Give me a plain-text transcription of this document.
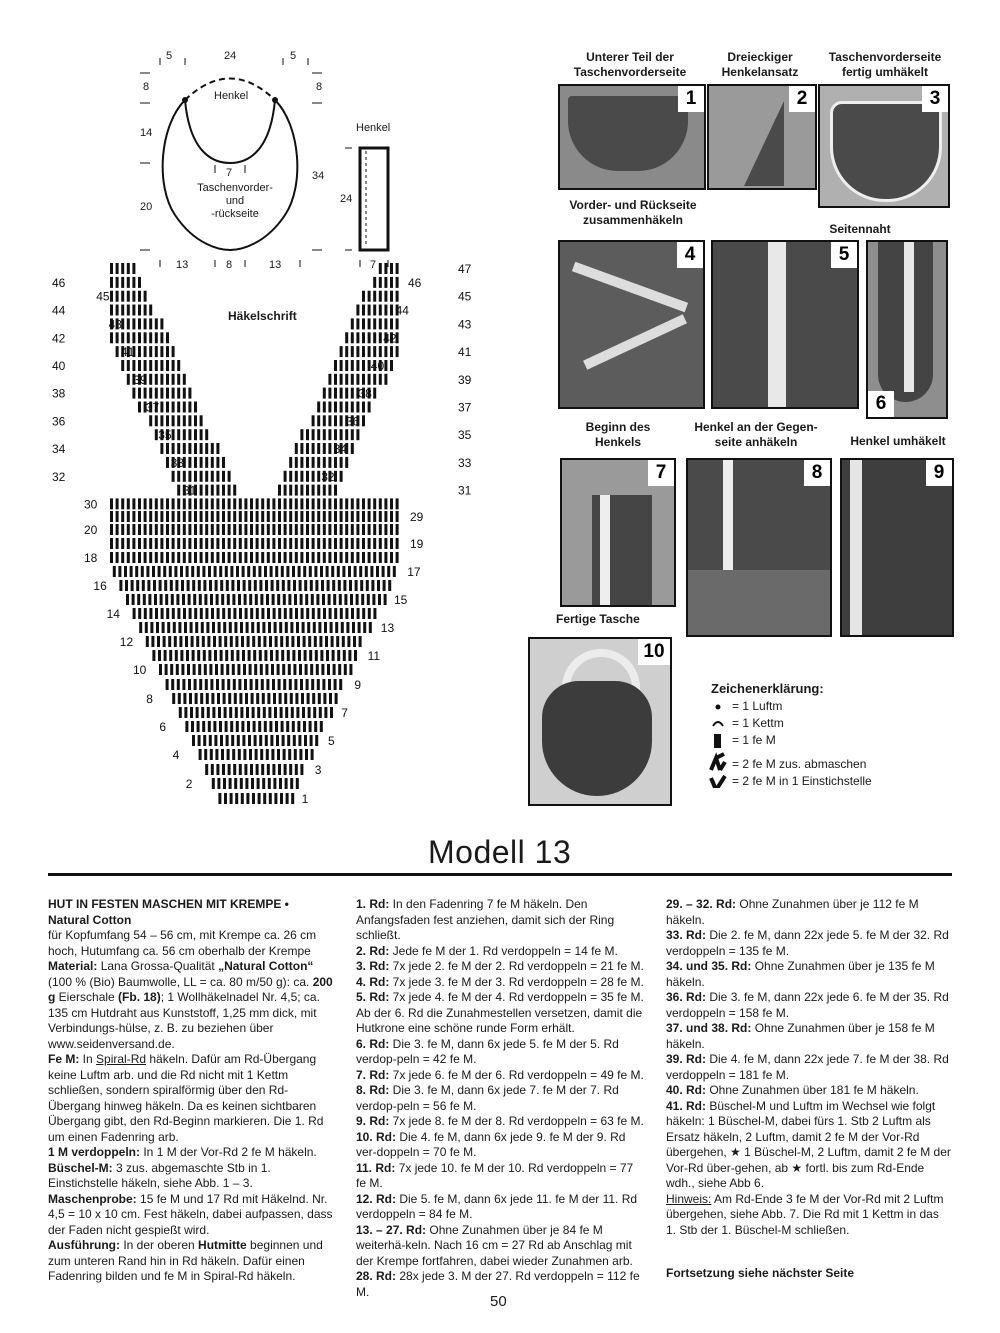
5	24	5
8
14
20
8
34
Henkel
Taschenvorder-
und
-rückseite
7
13	8	13
Henkel
24
7
46
45
44
43
42
41
40
39
38
37
36
35
34
33
32
31
30
20
18
16
14
12
10
8
6
4
2
47
46
45
44
43
42
41
40
39
38
37
36
35
34
33
32
31
29
19
17
15
13
11
9
7
5
3
1
Häkelschrift
Unterer Teil der
Taschenvorderseite
Dreieckiger
Henkelansatz
Taschenvorderseite
fertig umhäkelt
1	2	3
Vorder- und Rückseite
zusammenhäkeln
Seitennaht
4	5
6
Beginn des
Henkels
Henkel an der Gegen-
seite anhäkeln	Henkel umhäkelt
7	8	9
Fertige Tasche
10
Zeichenerklärung:
= 1 Luftm
= 1 Kettm
= 1 fe M
= 2 fe M zus. abmaschen
= 2 fe M in 1 Einstichstelle
Modell 13

HUT IN FESTEN MASCHEN MIT KREMPE •

Natural Cotton

für Kopfumfang 54 – 56 cm, mit Krempe ca. 26 cm hoch, Hutumfang ca. 56 cm oberhalb der Krempe

Material: Lana Grossa-Qualität „Natural Cotton“ (100 % (Bio) Baumwolle, LL = ca. 80 m/50 g): ca. 200 g Eierschale (Fb. 18); 1 Wollhäkelnadel Nr. 4,5; ca. 135 cm Hutdraht aus Kunststoff, 1,25 mm dick, mit Verbindungs-hülse, z. B. zu beziehen über www.seidenversand.de.

Fe M: In Spiral-Rd häkeln. Dafür am Rd-Übergang keine Luftm arb. und die Rd nicht mit 1 Kettm schließen, sondern spiralförmig über den Rd-Übergang hinweg häkeln. Da es keinen sichtbaren Übergang gibt, den Rd-Beginn markieren. Die 1. Rd um einen Fadenring arb.

1 M verdoppeln: In 1 M der Vor-Rd 2 fe M häkeln.

Büschel-M: 3 zus. abgemaschte Stb in 1. Einstichstelle häkeln, siehe Abb. 1 – 3.

Maschenprobe: 15 fe M und 17 Rd mit Häkelnd. Nr. 4,5 = 10 x 10 cm. Fest häkeln, dabei aufpassen, dass der Faden nicht gespießt wird.

Ausführung: In der oberen Hutmitte beginnen und zum unteren Rand hin in Rd häkeln. Dafür einen Fadenring bilden und fe M in Spiral-Rd häkeln.

1. Rd: In den Fadenring 7 fe M häkeln. Den Anfangsfaden fest anziehen, damit sich der Ring schließt.

2. Rd: Jede fe M der 1. Rd verdoppeln = 14 fe M.

3. Rd: 7x jede 2. fe M der 2. Rd verdoppeln = 21 fe M.

4. Rd: 7x jede 3. fe M der 3. Rd verdoppeln = 28 fe M.

5. Rd: 7x jede 4. fe M der 4. Rd verdoppeln = 35 fe M. Ab der 6. Rd die Zunahmestellen versetzen, damit die Hutkrone eine schöne runde Form erhält.

6. Rd: Die 3. fe M, dann 6x jede 5. fe M der 5. Rd verdop-peln = 42 fe M.

7. Rd: 7x jede 6. fe M der 6. Rd verdoppeln = 49 fe M.

8. Rd: Die 3. fe M, dann 6x jede 7. fe M der 7. Rd verdop-peln = 56 fe M.

9. Rd: 7x jede 8. fe M der 8. Rd verdoppeln = 63 fe M.

10. Rd: Die 4. fe M, dann 6x jede 9. fe M der 9. Rd ver-doppeln = 70 fe M.

11. Rd: 7x jede 10. fe M der 10. Rd verdoppeln = 77 fe M.

12. Rd: Die 5. fe M, dann 6x jede 11. fe M der 11. Rd verdoppeln = 84 fe M.

13. – 27. Rd: Ohne Zunahmen über je 84 fe M weiterhä-keln. Nach 16 cm = 27 Rd ab Anschlag mit der Krempe fortfahren, dabei wieder Zunahmen arb.

28. Rd: 28x jede 3. M der 27. Rd verdoppeln = 112 fe M.

29. – 32. Rd: Ohne Zunahmen über je 112 fe M häkeln.

33. Rd: Die 2. fe M, dann 22x jede 5. fe M der 32. Rd verdoppeln = 135 fe M.

34. und 35. Rd: Ohne Zunahmen über je 135 fe M häkeln.

36. Rd: Die 3. fe M, dann 22x jede 6. fe M der 35. Rd verdoppeln = 158 fe M.

37. und 38. Rd: Ohne Zunahmen über je 158 fe M häkeln.

39. Rd: Die 4. fe M, dann 22x jede 7. fe M der 38. Rd verdoppeln = 181 fe M.

40. Rd: Ohne Zunahmen über 181 fe M häkeln.

41. Rd: Büschel-M und Luftm im Wechsel wie folgt häkeln: 1 Büschel-M, dabei fürs 1. Stb 2 Luftm als Ersatz häkeln, 2 Luftm, damit 2 fe M der Vor-Rd übergehen, ★ 1 Büschel-M, 2 Luftm, damit 2 fe M der Vor-Rd über-gehen, ab ★ fortl. bis zum Rd-Ende wdh., siehe Abb 6.

Hinweis: Am Rd-Ende 3 fe M der Vor-Rd mit 2 Luftm übergehen, siehe Abb. 7. Die Rd mit 1 Kettm in das 1. Stb der 1. Büschel-M schließen.

Fortsetzung siehe nächster Seite
50
